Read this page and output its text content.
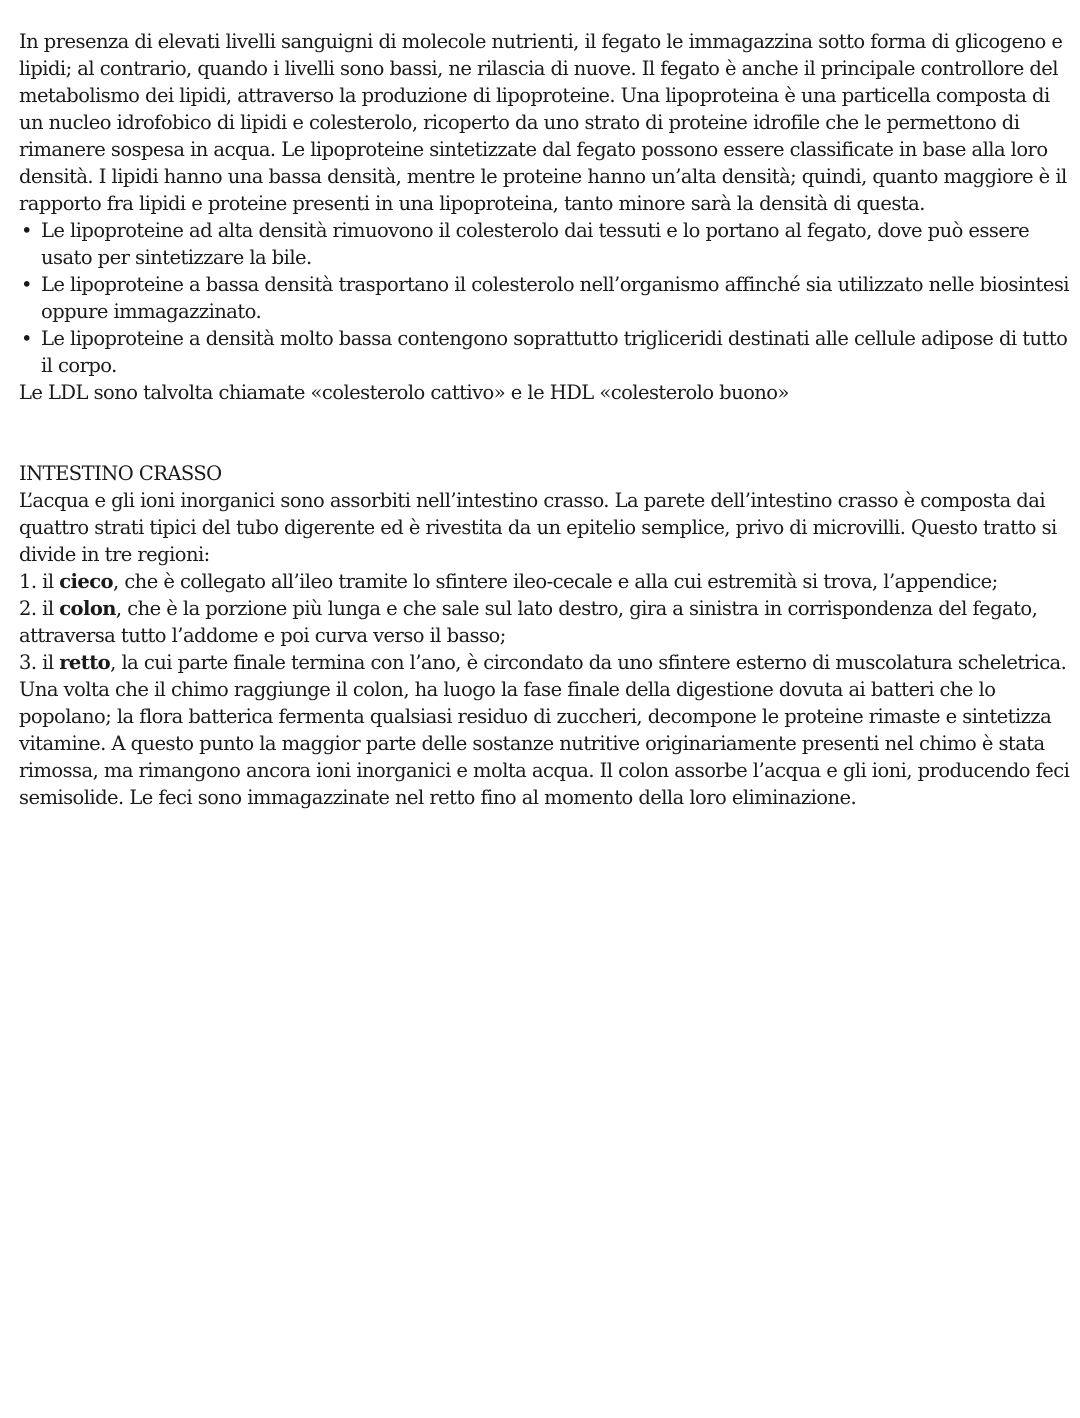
In presenza di elevati livelli sanguigni di molecole nutrienti, il fegato le immagazzina sotto forma di glicogeno e lipidi; al contrario, quando i livelli sono bassi, ne rilascia di nuove. Il fegato è anche il principale controllore del metabolismo dei lipidi, attraverso la produzione di lipoproteine. Una lipoproteina è una particella composta di un nucleo idrofobico di lipidi e colesterolo, ricoperto da uno strato di proteine idrofile che le permettono di rimanere sospesa in acqua. Le lipoproteine sintetizzate dal fegato possono essere classificate in base alla loro densità. I lipidi hanno una bassa densità, mentre le proteine hanno un’alta densità; quindi, quanto maggiore è il rapporto fra lipidi e proteine presenti in una lipoproteina, tanto minore sarà la densità di questa.

• Le lipoproteine ad alta densità rimuovono il colesterolo dai tessuti e lo portano al fegato, dove può essere usato per sintetizzare la bile.
• Le lipoproteine a bassa densità trasportano il colesterolo nell’organismo affinché sia utilizzato nelle biosintesi oppure immagazzinato.
• Le lipoproteine a densità molto bassa contengono soprattutto trigliceridi destinati alle cellule adipose di tutto il corpo.

Le LDL sono talvolta chiamate «colesterolo cattivo» e le HDL «colesterolo buono»

INTESTINO CRASSO

L’acqua e gli ioni inorganici sono assorbiti nell’intestino crasso. La parete dell’intestino crasso è composta dai quattro strati tipici del tubo digerente ed è rivestita da un epitelio semplice, privo di microvilli. Questo tratto si divide in tre regioni:

1. il cieco, che è collegato all’ileo tramite lo sfintere ileo-cecale e alla cui estremità si trova, l’appendice;

2. il colon, che è la porzione più lunga e che sale sul lato destro, gira a sinistra in corrispondenza del fegato, attraversa tutto l’addome e poi curva verso il basso;

3. il retto, la cui parte finale termina con l’ano, è circondato da uno sfintere esterno di muscolatura scheletrica.

Una volta che il chimo raggiunge il colon, ha luogo la fase finale della digestione dovuta ai batteri che lo popolano; la flora batterica fermenta qualsiasi residuo di zuccheri, decompone le proteine rimaste e sintetizza vitamine. A questo punto la maggior parte delle sostanze nutritive originariamente presenti nel chimo è stata rimossa, ma rimangono ancora ioni inorganici e molta acqua. Il colon assorbe l’acqua e gli ioni, producendo feci semisolide. Le feci sono immagazzinate nel retto fino al momento della loro eliminazione.
